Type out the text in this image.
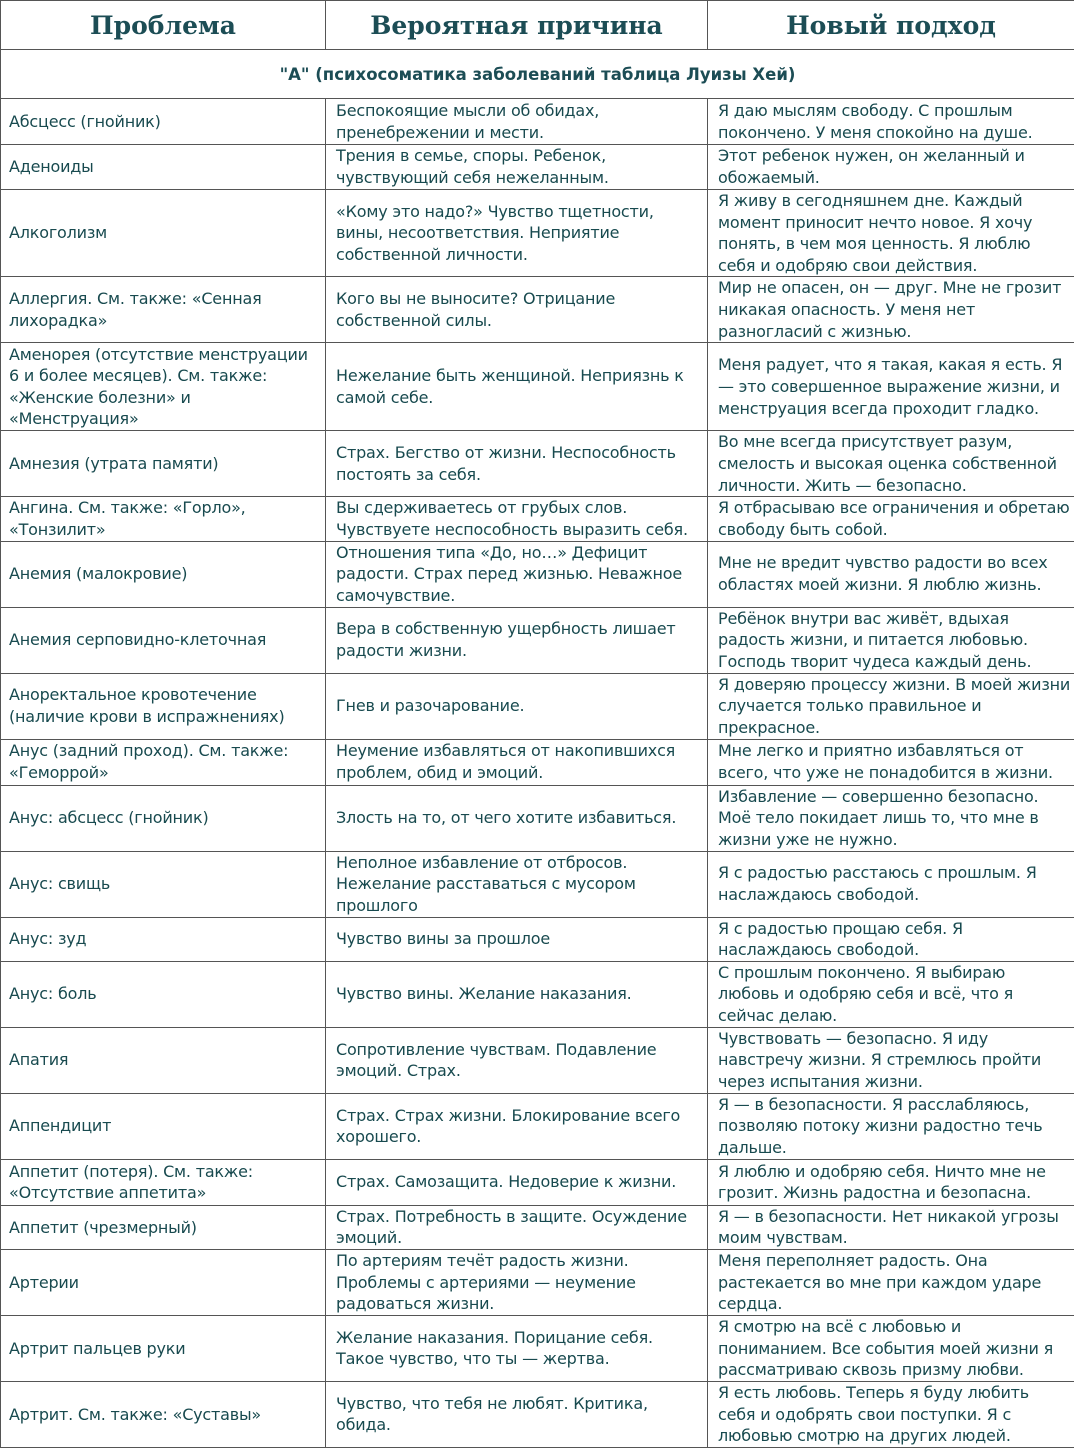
Проблема	Вероятная причина	Новый подход
"А" (психосоматика заболеваний таблица Луизы Хей)		
Абсцесс (гнойник)	Беспокоящие мысли об обидах, пренебрежении и мести.	Я даю мыслям свободу. С прошлым покончено. У меня спокойно на душе.
Аденоиды	Трения в семье, споры. Ребенок, чувствующий себя нежеланным.	Этот ребенок нужен, он желанный и обожаемый.
Алкоголизм	«Кому это надо?» Чувство тщетности, вины, несоответствия. Неприятие собственной личности.	Я живу в сегодняшнем дне. Каждый момент приносит нечто новое. Я хочу понять, в чем моя ценность. Я люблю себя и одобряю свои действия.
Аллергия. См. также: «Сенная лихорадка»	Кого вы не выносите? Отрицание собственной силы.	Мир не опасен, он — друг. Мне не грозит никакая опасность. У меня нет разногласий с жизнью.
Аменорея (отсутствие менструации 6 и более месяцев). См. также: «Женские болезни» и «Менструация»	Нежелание быть женщиной. Неприязнь к самой себе.	Меня радует, что я такая, какая я есть. Я — это совершенное выражение жизни, и менструация всегда проходит гладко.
Амнезия (утрата памяти)	Страх. Бегство от жизни. Неспособность постоять за себя.	Во мне всегда присутствует разум, смелость и высокая оценка собственной личности. Жить — безопасно.
Ангина. См. также: «Горло», «Тонзилит»	Вы сдерживаетесь от грубых слов. Чувствуете неспособность выразить себя.	Я отбрасываю все ограничения и обретаю свободу быть собой.
Анемия (малокровие)	Отношения типа «До, но…» Дефицит радости. Страх перед жизнью. Неважное самочувствие.	Мне не вредит чувство радости во всех областях моей жизни. Я люблю жизнь.
Анемия серповидно-клеточная	Вера в собственную ущербность лишает радости жизни.	Ребёнок внутри вас живёт, вдыхая радость жизни, и питается любовью. Господь творит чудеса каждый день.
Аноректальное кровотечение (наличие крови в испражнениях)	Гнев и разочарование.	Я доверяю процессу жизни. В моей жизни случается только правильное и прекрасное.
Анус (задний проход). См. также: «Геморрой»	Неумение избавляться от накопившихся проблем, обид и эмоций.	Мне легко и приятно избавляться от всего, что уже не понадобится в жизни.
Анус: абсцесс (гнойник)	Злость на то, от чего хотите избавиться.	Избавление — совершенно безопасно. Моё тело покидает лишь то, что мне в жизни уже не нужно.
Анус: свищь	Неполное избавление от отбросов. Нежелание расставаться с мусором прошлого	Я с радостью расстаюсь с прошлым. Я наслаждаюсь свободой.
Анус: зуд	Чувство вины за прошлое	Я с радостью прощаю себя. Я наслаждаюсь свободой.
Анус: боль	Чувство вины. Желание наказания.	С прошлым покончено. Я выбираю любовь и одобряю себя и всё, что я сейчас делаю.
Апатия	Сопротивление чувствам. Подавление эмоций. Страх.	Чувствовать — безопасно. Я иду навстречу жизни. Я стремлюсь пройти через испытания жизни.
Аппендицит	Страх. Страх жизни. Блокирование всего хорошего.	Я — в безопасности. Я расслабляюсь, позволяю потоку жизни радостно течь дальше.
Аппетит (потеря). См. также: «Отсутствие аппетита»	Страх. Самозащита. Недоверие к жизни.	Я люблю и одобряю себя. Ничто мне не грозит. Жизнь радостна и безопасна.
Аппетит (чрезмерный)	Страх. Потребность в защите. Осуждение эмоций.	Я — в безопасности. Нет никакой угрозы моим чувствам.
Артерии	По артериям течёт радость жизни. Проблемы с артериями — неумение радоваться жизни.	Меня переполняет радость. Она растекается во мне при каждом ударе сердца.
Артрит пальцев руки	Желание наказания. Порицание себя. Такое чувство, что ты — жертва.	Я смотрю на всё с любовью и пониманием. Все события моей жизни я рассматриваю сквозь призму любви.
Артрит. См. также: «Суставы»	Чувство, что тебя не любят. Критика, обида.	Я есть любовь. Теперь я буду любить себя и одобрять свои поступки. Я с любовью смотрю на других людей.
